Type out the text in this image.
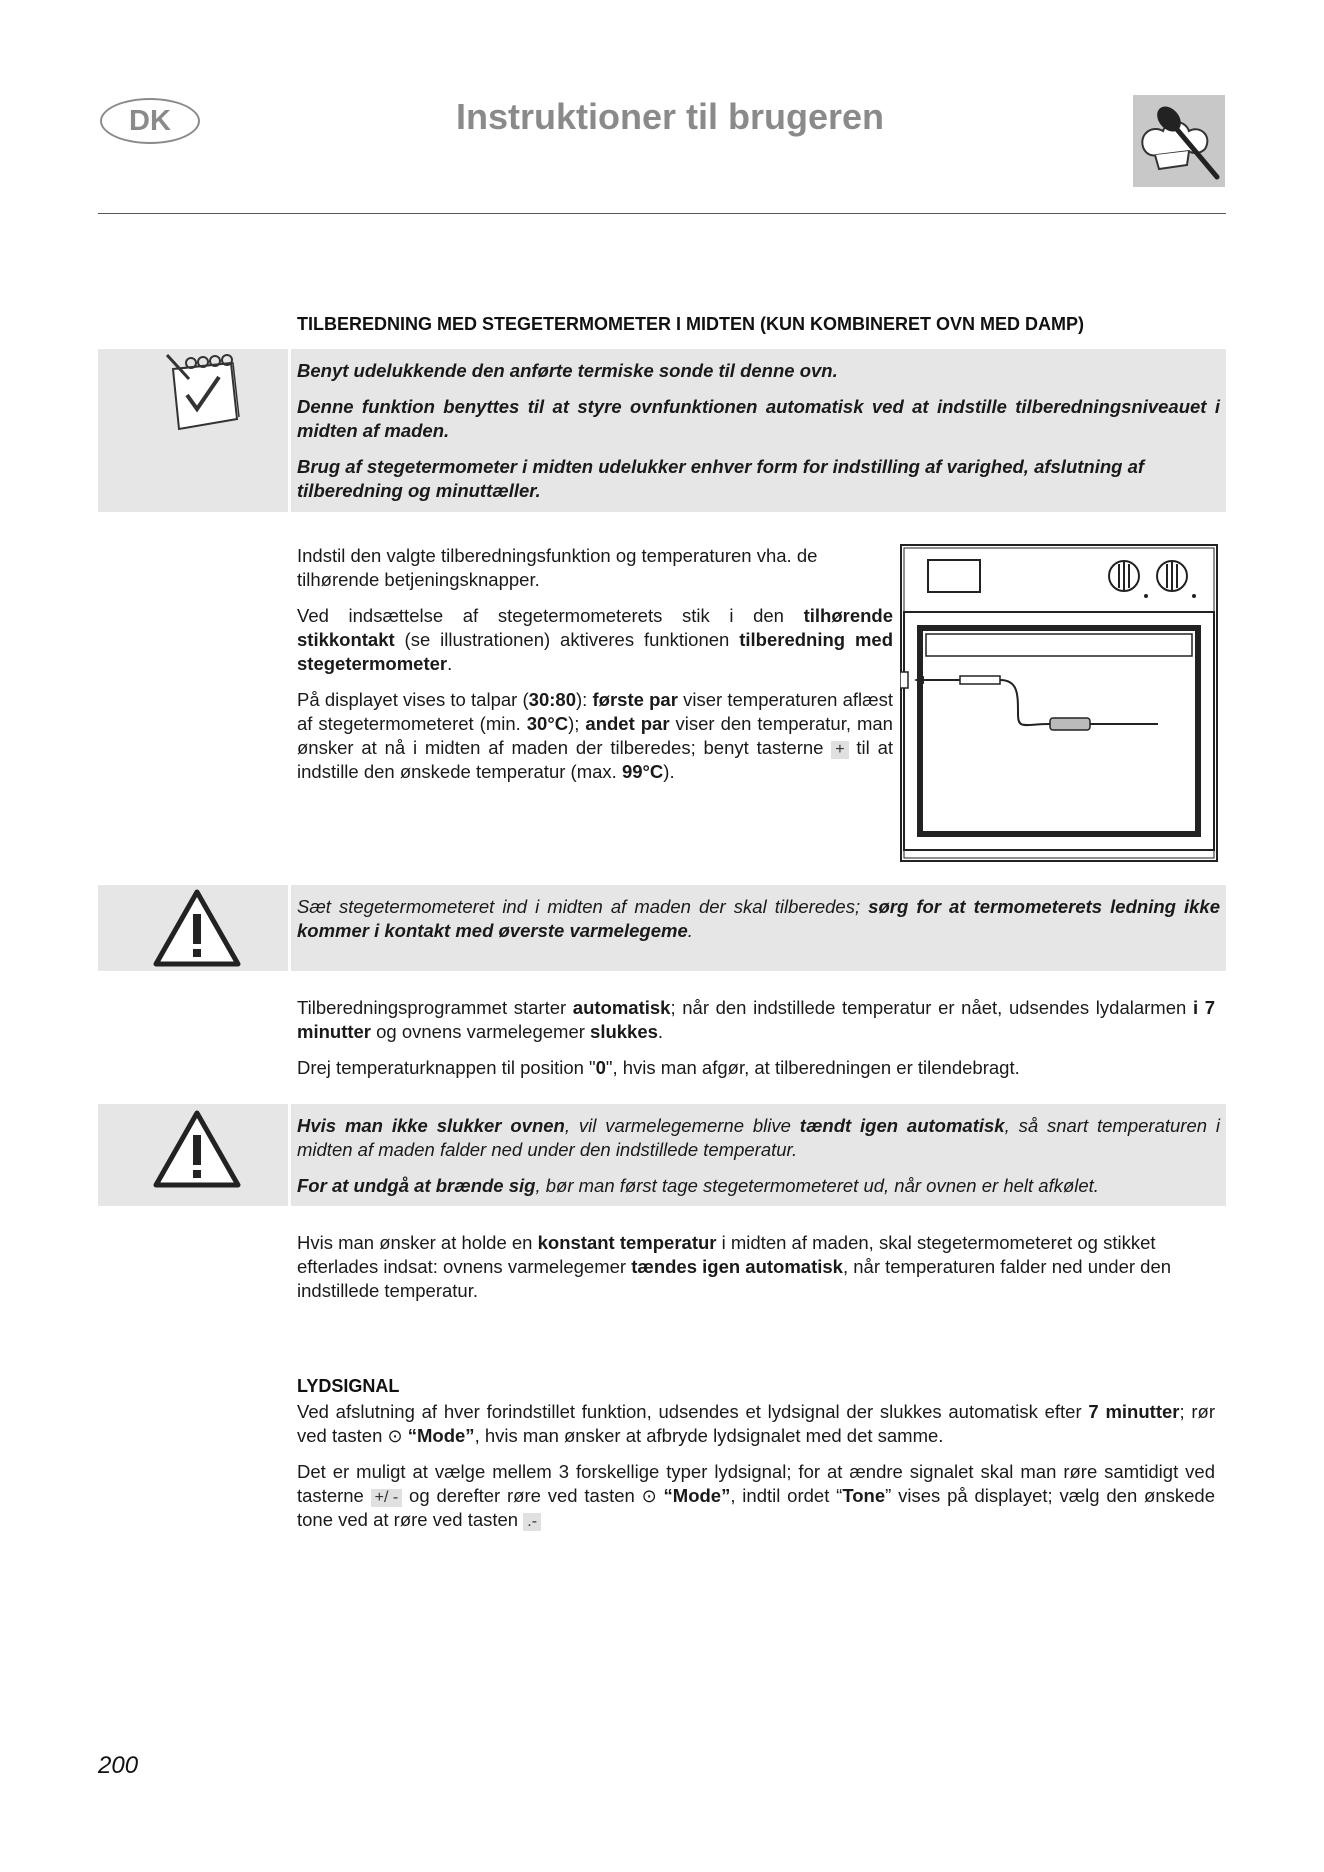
DK	Instruktioner til brugeren
TILBEREDNING MED STEGETERMOMETER I MIDTEN (KUN KOMBINERET OVN MED DAMP)

Benyt udelukkende den anførte termiske sonde til denne ovn.

Denne funktion benyttes til at styre ovnfunktionen automatisk ved at indstille tilberedningsniveauet i midten af maden.

Brug af stegetermometer i midten udelukker enhver form for indstilling af varighed, afslutning af tilberedning og minuttæller.

Indstil den valgte tilberedningsfunktion og temperaturen vha. de tilhørende betjeningsknapper.

Ved indsættelse af stegetermometerets stik i den tilhørende stikkontakt (se illustrationen) aktiveres funktionen tilberedning med stegetermometer.

På displayet vises to talpar (30:80): første par viser temperaturen aflæst af stegetermometeret (min. 30°C); andet par viser den temperatur, man ønsker at nå i midten af maden der tilberedes; benyt tasterne + til at indstille den ønskede temperatur (max. 99°C).

Sæt stegetermometeret ind i midten af maden der skal tilberedes; sørg for at termometerets ledning ikke kommer i kontakt med øverste varmelegeme.

Tilberedningsprogrammet starter automatisk; når den indstillede temperatur er nået, udsendes lydalarmen i 7 minutter og ovnens varmelegemer slukkes.

Drej temperaturknappen til position "0", hvis man afgør, at tilberedningen er tilendebragt.

Hvis man ikke slukker ovnen, vil varmelegemerne blive tændt igen automatisk, så snart temperaturen i midten af maden falder ned under den indstillede temperatur.

For at undgå at brænde sig, bør man først tage stegetermometeret ud, når ovnen er helt afkølet.

Hvis man ønsker at holde en konstant temperatur i midten af maden, skal stegetermometeret og stikket efterlades indsat: ovnens varmelegemer tændes igen automatisk, når temperaturen falder ned under den indstillede temperatur.

LYDSIGNAL

Ved afslutning af hver forindstillet funktion, udsendes et lydsignal der slukkes automatisk efter 7 minutter; rør ved tasten ⊙ “Mode”, hvis man ønsker at afbryde lydsignalet med det samme.

Det er muligt at vælge mellem 3 forskellige typer lydsignal; for at ændre signalet skal man røre samtidigt ved tasterne +/ - og derefter røre ved tasten ⊙ “Mode”, indtil ordet “Tone” vises på displayet; vælg den ønskede tone ved at røre ved tasten .-

200
